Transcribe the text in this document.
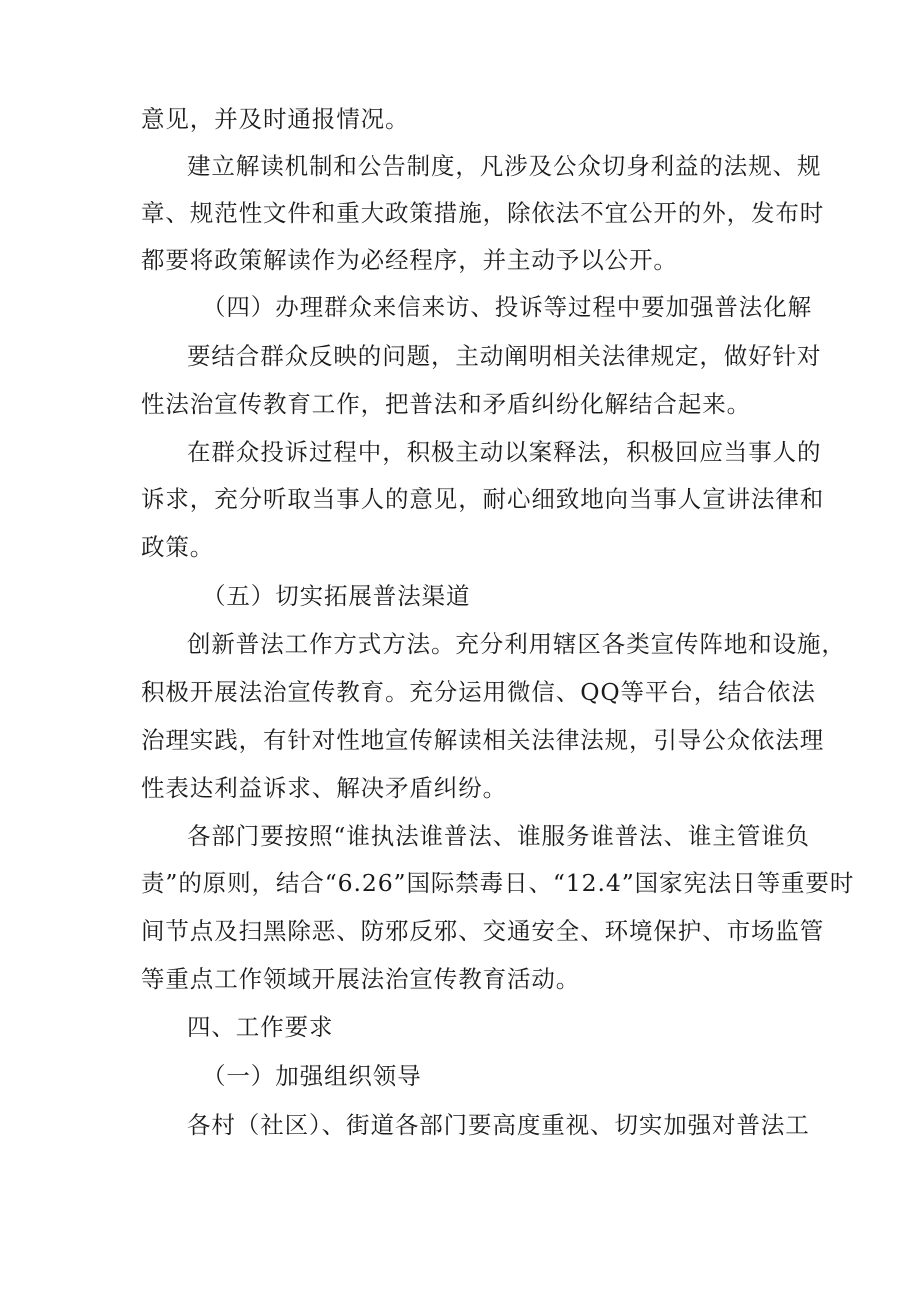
意见，并及时通报情况。
建立解读机制和公告制度，凡涉及公众切身利益的法规、规
章、规范性文件和重大政策措施，除依法不宜公开的外，发布时
都要将政策解读作为必经程序，并主动予以公开。
（四）办理群众来信来访、投诉等过程中要加强普法化解
要结合群众反映的问题，主动阐明相关法律规定，做好针对
性法治宣传教育工作，把普法和矛盾纠纷化解结合起来。
在群众投诉过程中，积极主动以案释法，积极回应当事人的
诉求，充分听取当事人的意见，耐心细致地向当事人宣讲法律和
政策。
（五）切实拓展普法渠道
创新普法工作方式方法。充分利用辖区各类宣传阵地和设施，
积极开展法治宣传教育。充分运用微信、QQ等平台，结合依法
治理实践，有针对性地宣传解读相关法律法规，引导公众依法理
性表达利益诉求、解决矛盾纠纷。
各部门要按照“谁执法谁普法、谁服务谁普法、谁主管谁负
责”的原则，结合“6.26”国际禁毒日、“12.4”国家宪法日等重要时
间节点及扫黑除恶、防邪反邪、交通安全、环境保护、市场监管
等重点工作领域开展法治宣传教育活动。
四、工作要求
（一）加强组织领导
各村（社区）、街道各部门要高度重视、切实加强对普法工
